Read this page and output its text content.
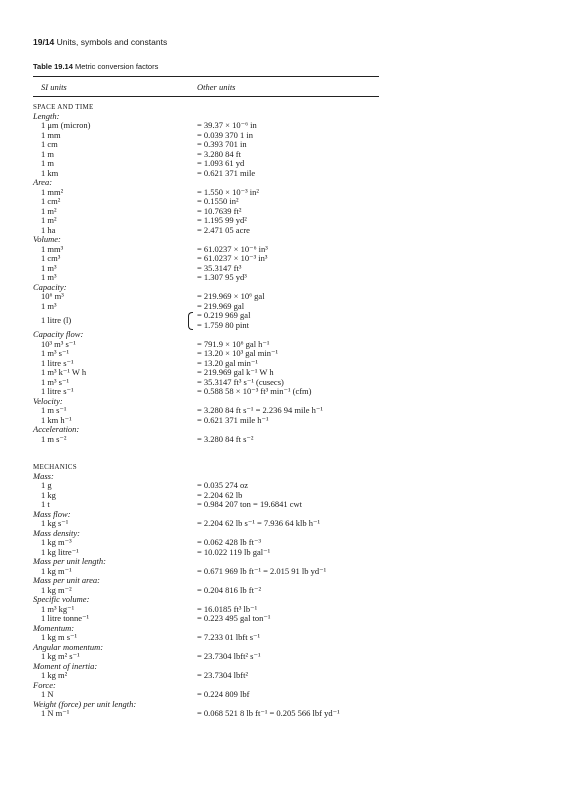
19/14 Units, symbols and constants
Table 19.14 Metric conversion factors
SI units	Other units
SPACE AND TIME
Length:
1 μm (micron)	= 39.37 × 10⁻⁶ in
1 mm	= 0.039 370 1 in
1 cm	= 0.393 701 in
1 m	= 3.280 84 ft
1 m	= 1.093 61 yd
1 km	= 0.621 371 mile
Area:
1 mm²	= 1.550 × 10⁻³ in²
1 cm²	= 0.1550 in²
1 m²	= 10.7639 ft²
1 m²	= 1.195 99 yd²
1 ha	= 2.471 05 acre
Volume:
1 mm³	= 61.0237 × 10⁻⁶ in³
1 cm³	= 61.0237 × 10⁻³ in³
1 m³	= 35.3147 ft³
1 m³	= 1.307 95 yd³
Capacity:
10⁶ m³	= 219.969 × 10⁶ gal
1 m³	= 219.969 gal
1 litre (l)	= 0.219 969 gal
= 1.759 80 pint
Capacity flow:
10³ m³ s⁻¹	= 791.9 × 10⁶ gal h⁻¹
1 m³ s⁻¹	= 13.20 × 10³ gal min⁻¹
1 litre s⁻¹	= 13.20 gal min⁻¹
1 m³ k⁻¹ W h	= 219.969 gal k⁻¹ W h
1 m³ s⁻¹	= 35.3147 ft³ s⁻¹ (cusecs)
1 litre s⁻¹	= 0.588 58 × 10⁻³ ft³ min⁻¹ (cfm)
Velocity:
1 m s⁻¹	= 3.280 84 ft s⁻¹ = 2.236 94 mile h⁻¹
1 km h⁻¹	= 0.621 371 mile h⁻¹
Acceleration:
1 m s⁻²	= 3.280 84 ft s⁻²
MECHANICS
Mass:
1 g	= 0.035 274 oz
1 kg	= 2.204 62 lb
1 t	= 0.984 207 ton = 19.6841 cwt
Mass flow:
1 kg s⁻¹	= 2.204 62 lb s⁻¹ = 7.936 64 klb h⁻¹
Mass density:
1 kg m⁻³	= 0.062 428 lb ft⁻³
1 kg litre⁻¹	= 10.022 119 lb gal⁻¹
Mass per unit length:
1 kg m⁻¹	= 0.671 969 lb ft⁻¹ = 2.015 91 lb yd⁻¹
Mass per unit area:
1 kg m⁻²	= 0.204 816 lb ft⁻²
Specific volume:
1 m³ kg⁻¹	= 16.0185 ft³ lb⁻¹
1 litre tonne⁻¹	= 0.223 495 gal ton⁻¹
Momentum:
1 kg m s⁻¹	= 7.233 01 lbft s⁻¹
Angular momentum:
1 kg m² s⁻¹	= 23.7304 lbft² s⁻¹
Moment of inertia:
1 kg m²	= 23.7304 lbft²
Force:
1 N	= 0.224 809 lbf
Weight (force) per unit length:
1 N m⁻¹	= 0.068 521 8 lb ft⁻¹ = 0.205 566 lbf yd⁻¹
